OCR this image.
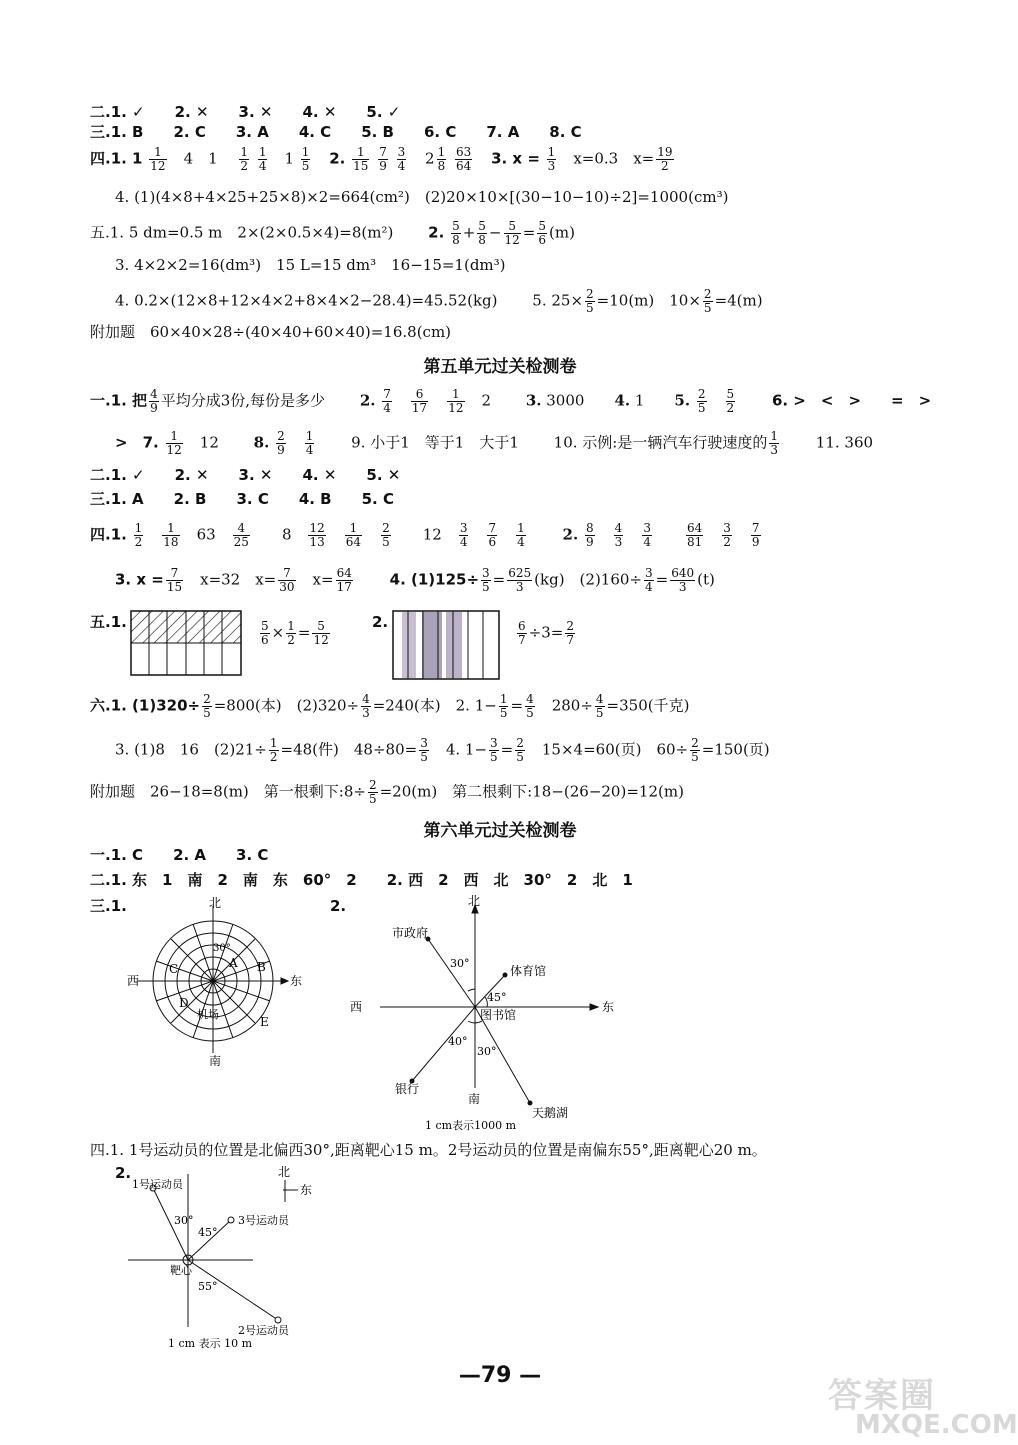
二.1. ✓　　2. ✕　　3. ✕　　4. ✕　　5. ✓
三.1. B　　2. C　　3. A　　4. C　　5. B　　6. C　　7. A　　8. C
四.1. $1 \frac{1}{12}$ 　4　1　 $\frac{1}{2}$
$\frac{1}{4}$ 　$1 \frac{1}{5} 2$. $\frac{1}{15}$
$\frac{7}{9}$
$\frac{3}{4} 2 \frac{1}{8}$
$\frac{63}{64} 3$. $x = \frac{1}{3}$ 　x=0.3　$x= \frac{19}{2}$
4. (1)(4×8+4×25+25×8)×2=664(cm²)　(2)20×10×[(30−10−10)÷2]=1000(cm³)
五.1. 5 dm=0.5 m　2×(2×0.5×4)=8(m²)　　 2. $\frac{5}{8} + \frac{5}{8} - \frac{5}{12} = \frac{5}{6} (m)$
3. 4×2×2=16(dm³)　15 L=15 dm³　16−15=1(dm³)
4. 0.2×(12×8+12×4×2+8×4×2−28.4)=45.52(kg)　　 5. $25\times \frac{2}{5} =10(m)$　$10\times \frac{2}{5} =4(m)$
附加题　60×40×28÷(40×40+60×40)=16.8(cm)
第五单元过关检测卷
一.1. 把 $\frac{4}{9}$ 平均分成3份,每份是多少　　 2. $\frac{7}{4}$
　 $\frac{6}{17}$
　 $\frac{1}{12}$ 　2　　 3. 3000　　4. 1　　5. $\frac{2}{5}$
　 $\frac{5}{2}$
　　 6. >　<　>　　=　>
>　7. $\frac{1}{12}$ 　12　　 8. $\frac{2}{9}$
　 $\frac{1}{4}$
　　 9. 小于1　等于1　大于1　　 10. 示例:是一辆汽车行驶速度的 $\frac{1}{3}$
　　 11. 360
二.1. ✓　　2. ✕　　3. ✕　　4. ✕　　5. ✕
三.1. A　　2. B　　3. C　　4. B　　5. C
四.1. $\frac{1}{2}$
　 $\frac{1}{18}$ 　63　 $\frac{4}{25}$ 　　8　 $\frac{12}{13}$
　 $\frac{1}{64}$
　 $\frac{2}{5}$ 　　12　 $\frac{3}{4}$
　 $\frac{7}{6}$
　 $\frac{1}{4}$
　　 2. $\frac{8}{9}$
　 $\frac{4}{3}$
　 $\frac{3}{4}$
　　	$\frac{64}{81}$
　 $\frac{3}{2}$
　 $\frac{7}{9}$
3. $x = \frac{7}{15}$ 　x=32　$x= \frac{7}{30}$ 　$x= \frac{64}{17}$
　　 4. $(1)125\div \frac{3}{5} = \frac{625}{3} (kg)$　$(2)160\div \frac{3}{4} = \frac{640}{3} (t)$
五.1.	$\frac{5}{6} \times \frac{1}{2} = \frac{5}{12}$	2.	$\frac{6}{7} \div 3= \frac{2}{7}$
六.1. $(1)320\div \frac{2}{5} =800$(本)　$(2)320\div \frac{4}{3} =240$(本)　2. $1- \frac{1}{5} = \frac{4}{5}$ 　$280\div \frac{4}{5} =350$(千克)
3. (1)8　16　$(2)21\div \frac{1}{2} =48$(件)　$48\div 80= \frac{3}{5}$ 　4. $1- \frac{3}{5} = \frac{2}{5}$ 　15×4=60(页)　$60\div \frac{2}{5} =150$(页)
附加题　26−18=8(m)　第一根剩下:8÷ $\frac{2}{5} =20(m)$　第二根剩下:18−(26−20)=12(m)
第六单元过关检测卷
一.1. C　　2. A　　3. C
二.1. 东　1　南　2　南　东　60°　2　　2. 西　2　西　北　30°　2　北　1
三.1.	2.
北
南
西	东
30°
A B
C
D
E
机场
北
南
西	东
市政府
体育馆
图书馆
银行
天鹅湖
30°
45°
40°
30°
1 cm表示1000 m
四.1. 1号运动员的位置是北偏西30°,距离靶心15 m。2号运动员的位置是南偏东55°,距离靶心20 m。
2.	北
东
1号运动员
3号运动员
2号运动员
靶心
30°
45°
55°
1 cm 表示 10 m
—79 —
答案圈
MXQE.COM
